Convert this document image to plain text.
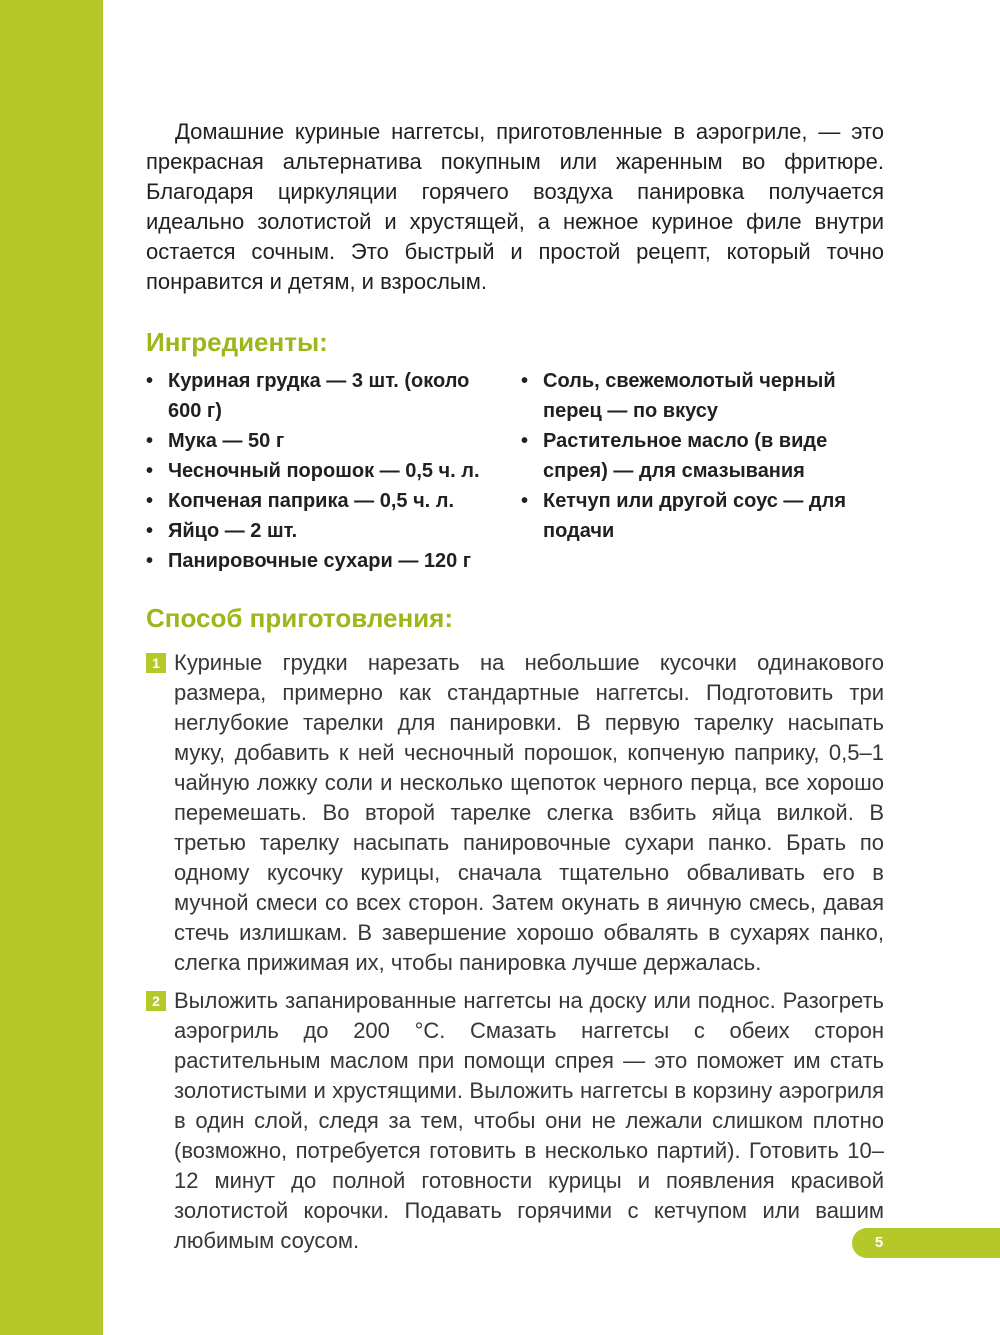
Домашние куриные наггетсы, приготовленные в аэрогриле, — это прекрасная альтернатива покупным или жаренным во фритюре. Благодаря циркуляции горячего воздуха панировка получается идеально золотистой и хрустящей, а нежное куриное филе внутри остается сочным. Это быстрый и простой рецепт, который точно понравится и детям, и взрослым.

Ингредиенты:
• Куриная грудка — 3 шт. (около 600 г)
• Мука — 50 г
• Чесночный порошок — 0,5 ч. л.
• Копченая паприка — 0,5 ч. л.
• Яйцо — 2 шт.
• Панировочные сухари — 120 г
• Соль, свежемолотый черный перец — по вкусу
• Растительное масло (в виде спрея) — для смазывания
• Кетчуп или другой соус — для подачи
Способ приготовления:
1 Куриные грудки нарезать на небольшие кусочки одинакового размера, примерно как стандартные наггетсы. Подготовить три неглубокие тарелки для панировки. В первую тарелку насыпать муку, добавить к ней чесночный порошок, копченую паприку, 0,5–1 чайную ложку соли и несколько щепоток черного перца, все хорошо перемешать. Во второй тарелке слегка взбить яйца вилкой. В третью тарелку насыпать панировочные сухари панко. Брать по одному кусочку курицы, сначала тщательно обваливать его в мучной смеси со всех сторон. Затем окунать в яичную смесь, давая стечь излишкам. В завершение хорошо обвалять в сухарях панко, слегка прижимая их, чтобы панировка лучше держалась.
2 Выложить запанированные наггетсы на доску или поднос. Разогреть аэрогриль до 200 °С. Смазать наггетсы с обеих сторон растительным маслом при помощи спрея — это поможет им стать золотистыми и хрустящими. Выложить наггетсы в корзину аэрогриля в один слой, следя за тем, чтобы они не лежали слишком плотно (возможно, потребуется готовить в несколько партий). Готовить 10–12 минут до полной готовности курицы и появления красивой золотистой корочки. Подавать горячими с кетчупом или вашим любимым соусом.	5
